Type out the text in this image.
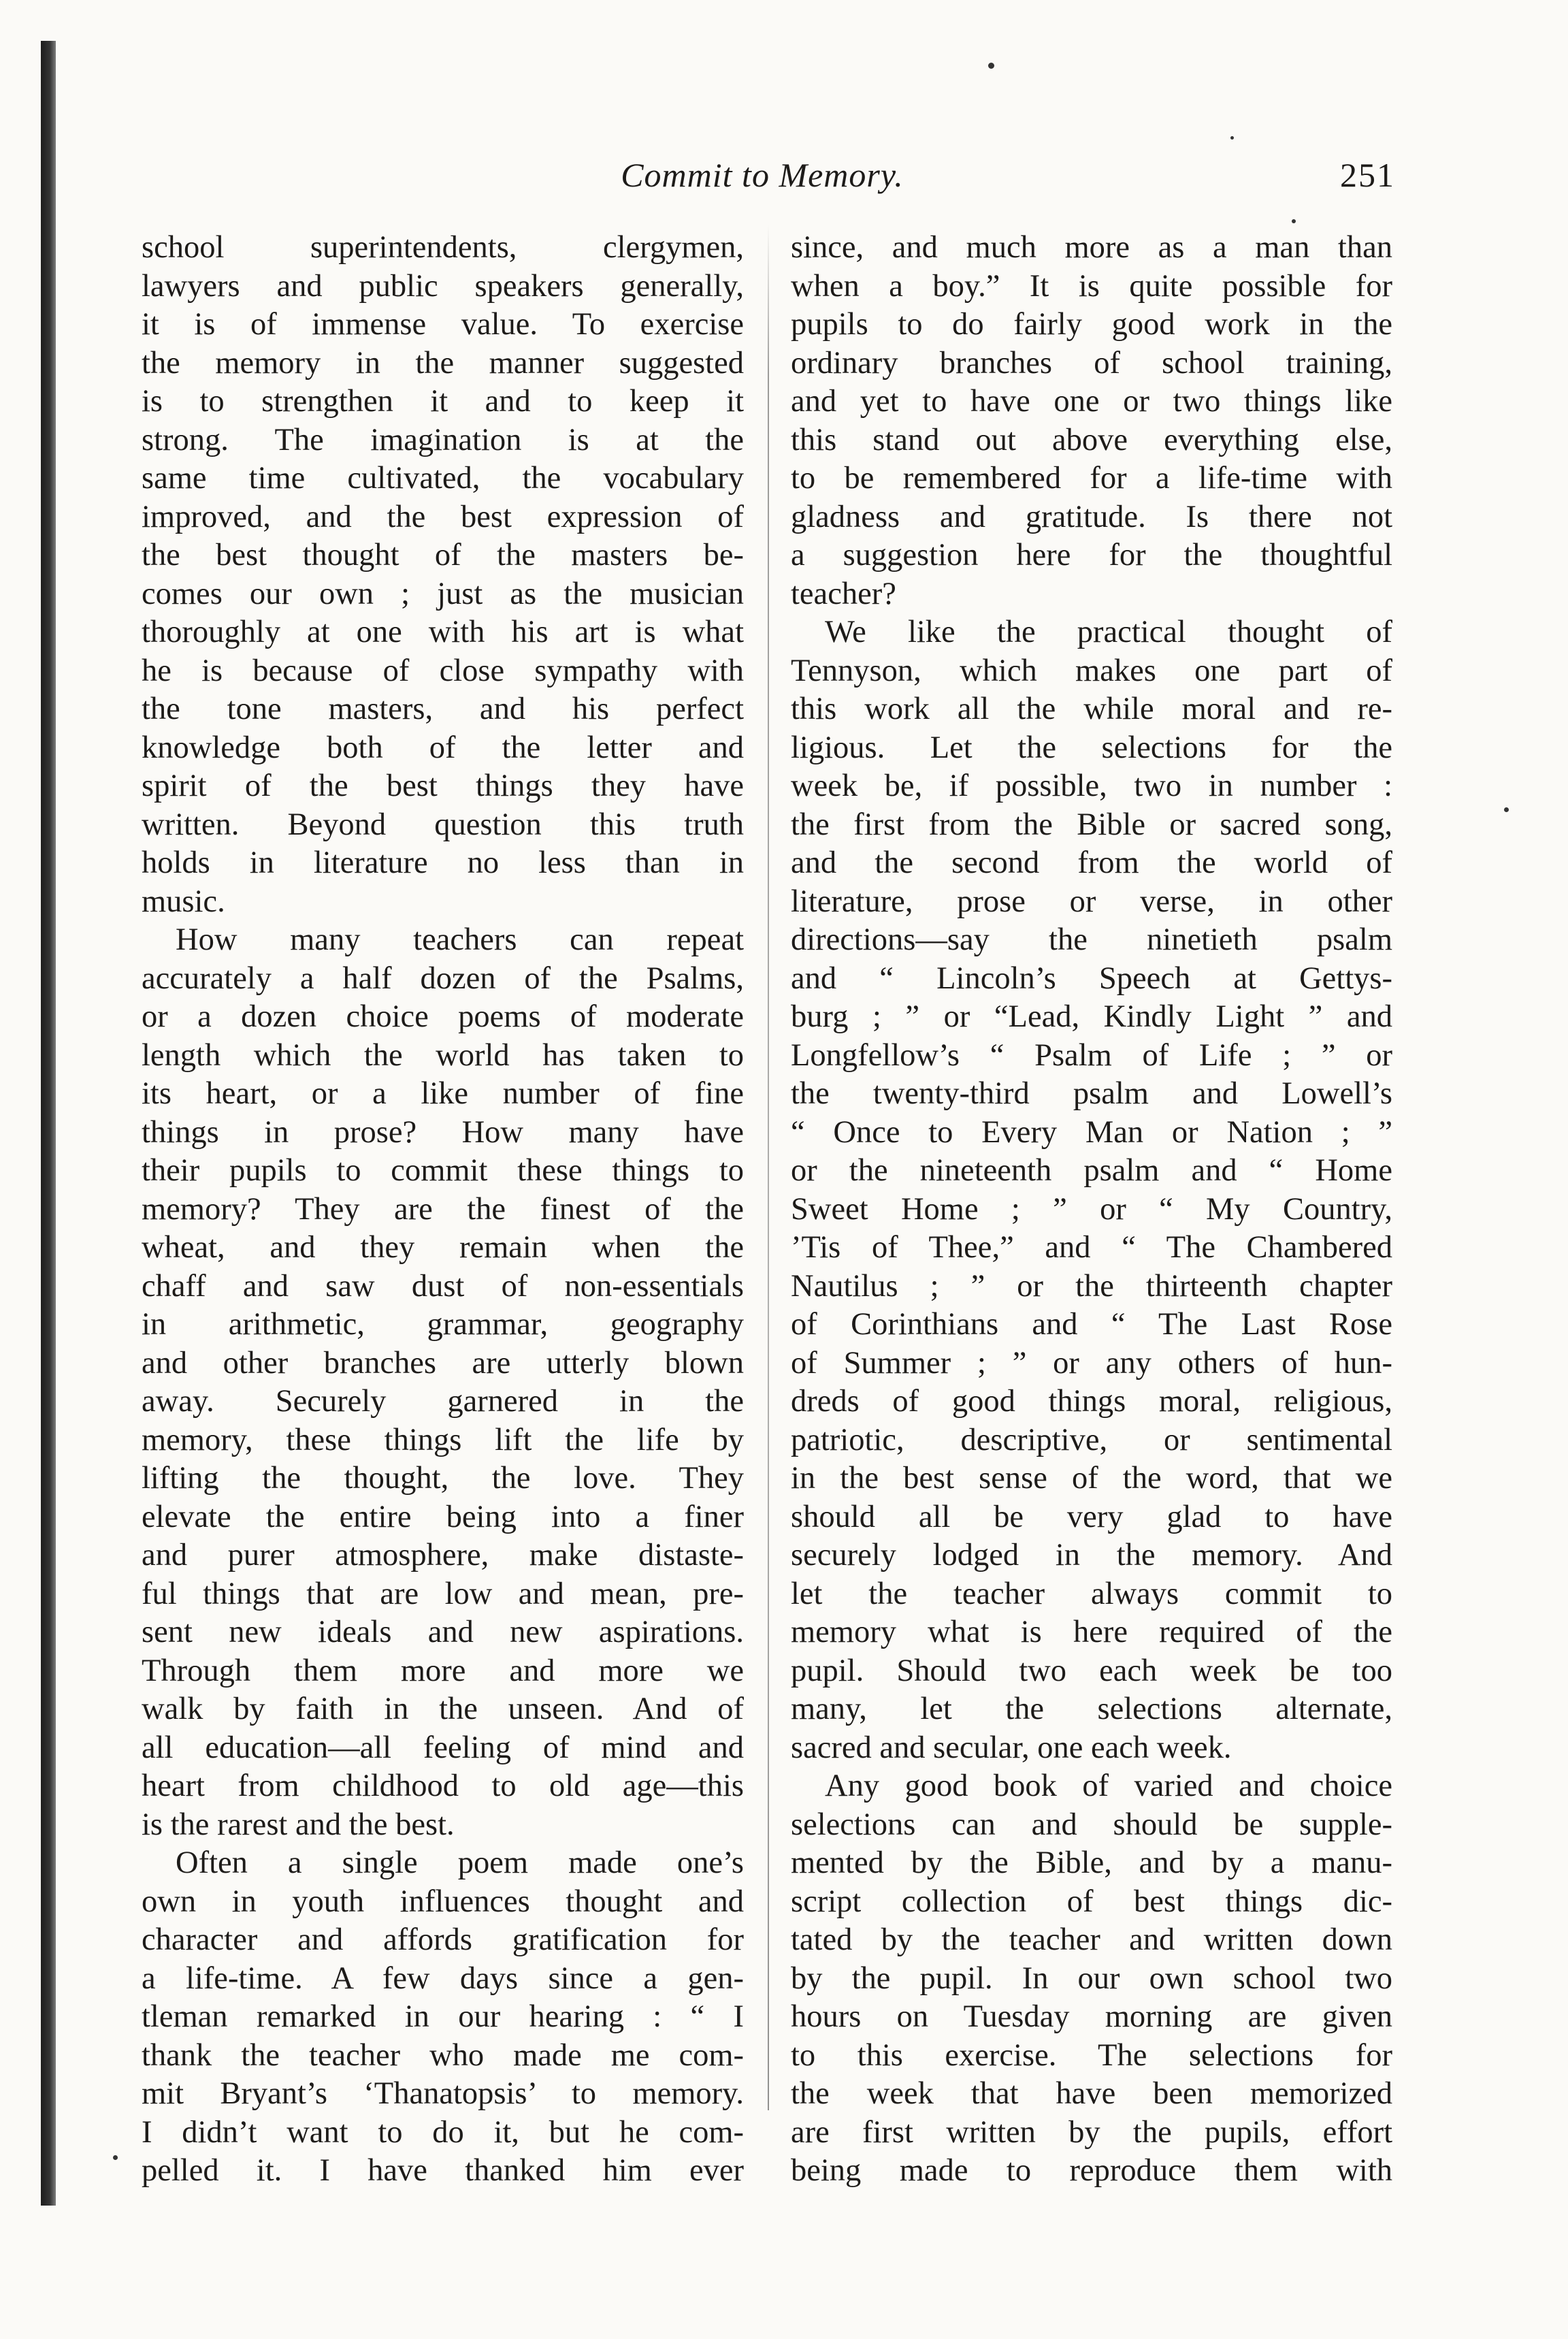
Commit to Memory.	251
school superintendents, clergymen,
lawyers and public speakers generally,
it is of immense value. To exercise
the memory in the manner suggested
is to strengthen it and to keep it
strong. The imagination is at the
same time cultivated, the vocabulary
improved, and the best expression of
the best thought of the masters be-
comes our own ; just as the musician
thoroughly at one with his art is what
he is because of close sympathy with
the tone masters, and his perfect
knowledge both of the letter and
spirit of the best things they have
written. Beyond question this truth
holds in literature no less than in
music.
How many teachers can repeat
accurately a half dozen of the Psalms,
or a dozen choice poems of moderate
length which the world has taken to
its heart, or a like number of fine
things in prose? How many have
their pupils to commit these things to
memory? They are the finest of the
wheat, and they remain when the
chaff and saw dust of non-essentials
in arithmetic, grammar, geography
and other branches are utterly blown
away. Securely garnered in the
memory, these things lift the life by
lifting the thought, the love. They
elevate the entire being into a finer
and purer atmosphere, make distaste-
ful things that are low and mean, pre-
sent new ideals and new aspirations.
Through them more and more we
walk by faith in the unseen. And of
all education—all feeling of mind and
heart from childhood to old age—this
is the rarest and the best.
Often a single poem made one’s
own in youth influences thought and
character and affords gratification for
a life-time. A few days since a gen-
tleman remarked in our hearing : “ I
thank the teacher who made me com-
mit Bryant’s ‘Thanatopsis’ to memory.
I didn’t want to do it, but he com-
pelled it. I have thanked him ever
since, and much more as a man than
when a boy.” It is quite possible for
pupils to do fairly good work in the
ordinary branches of school training,
and yet to have one or two things like
this stand out above everything else,
to be remembered for a life-time with
gladness and gratitude. Is there not
a suggestion here for the thoughtful
teacher?
We like the practical thought of
Tennyson, which makes one part of
this work all the while moral and re-
ligious. Let the selections for the
week be, if possible, two in number :
the first from the Bible or sacred song,
and the second from the world of
literature, prose or verse, in other
directions—say the ninetieth psalm
and “ Lincoln’s Speech at Gettys-
burg ; ” or “Lead, Kindly Light ” and
Longfellow’s “ Psalm of Life ; ” or
the twenty-third psalm and Lowell’s
“ Once to Every Man or Nation ; ”
or the nineteenth psalm and “ Home
Sweet Home ; ” or “ My Country,
’Tis of Thee,” and “ The Chambered
Nautilus ; ” or the thirteenth chapter
of Corinthians and “ The Last Rose
of Summer ; ” or any others of hun-
dreds of good things moral, religious,
patriotic, descriptive, or sentimental
in the best sense of the word, that we
should all be very glad to have
securely lodged in the memory. And
let the teacher always commit to
memory what is here required of the
pupil. Should two each week be too
many, let the selections alternate,
sacred and secular, one each week.
Any good book of varied and choice
selections can and should be supple-
mented by the Bible, and by a manu-
script collection of best things dic-
tated by the teacher and written down
by the pupil. In our own school two
hours on Tuesday morning are given
to this exercise. The selections for
the week that have been memorized
are first written by the pupils, effort
being made to reproduce them with
